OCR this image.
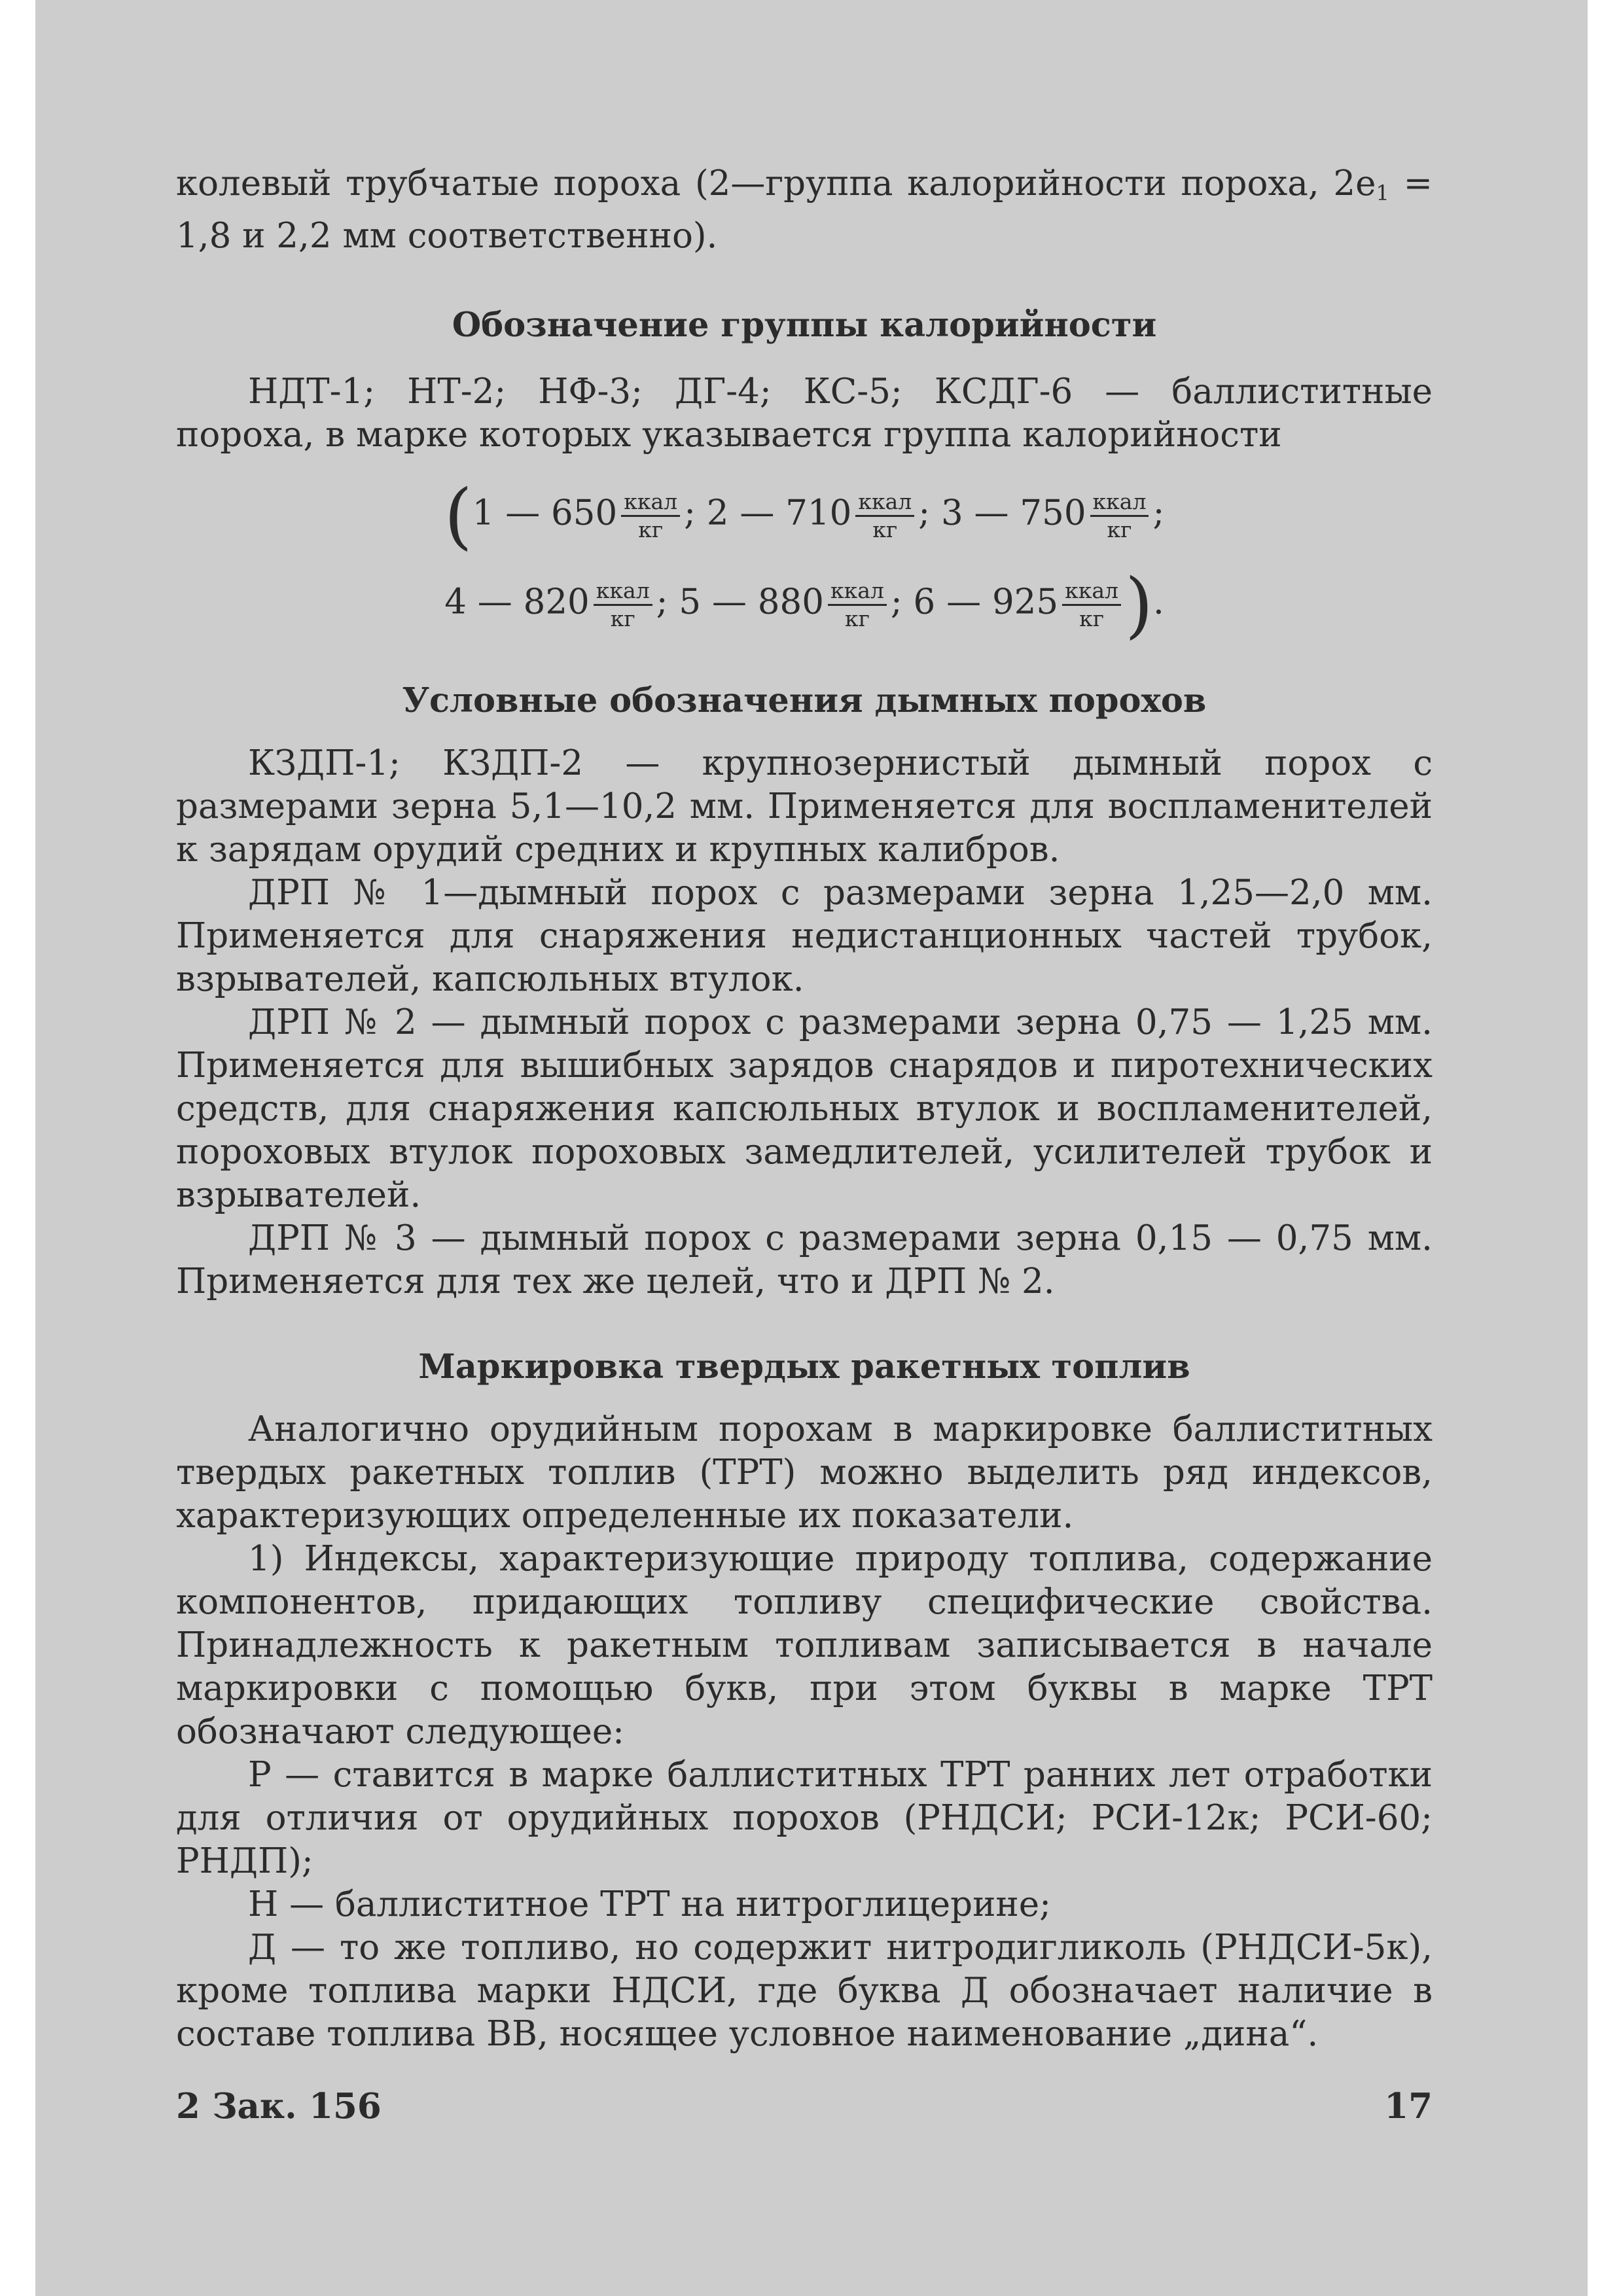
колевый трубчатые пороха (2—группа калорийности пороха, $2e_1 = 1,8$ и 2,2 мм соответственно).

Обозначение группы калорийности

НДТ-1; НТ-2; НФ-3; ДГ-4; КС-5; КСДГ-6 — баллиститные пороха, в марке которых указывается группа калорийности

(1 — $650 \frac{\text{ккал}}{кг}$ ; 2 — $710 \frac{\text{ккал}}{кг}$ ; 3 — $750 \frac{\text{ккал}}{кг}$ ;
4 — $820 \frac{\text{ккал}}{кг}$ ; 5 — $880 \frac{\text{ккал}}{кг}$ ; 6 — $925 \frac{\text{ккал}}{кг}$ ).
Условные обозначения дымных порохов

КЗДП-1; КЗДП-2 — крупнозернистый дымный порох с размерами зерна 5,1—10,2 мм. Применяется для воспламенителей к зарядам орудий средних и крупных калибров.

ДРП № 1—дымный порох с размерами зерна 1,25—2,0 мм. Применяется для снаряжения недистанционных частей трубок, взрывателей, капсюльных втулок.

ДРП № 2 — дымный порох с размерами зерна 0,75 — 1,25 мм. Применяется для вышибных зарядов снарядов и пиротехнических средств, для снаряжения капсюльных втулок и воспламенителей, пороховых втулок пороховых замедлителей, усилителей трубок и взрывателей.

ДРП № 3 — дымный порох с размерами зерна 0,15 — 0,75 мм. Применяется для тех же целей, что и ДРП № 2.

Маркировка твердых ракетных топлив

Аналогично орудийным порохам в маркировке баллиститных твердых ракетных топлив (ТРТ) можно выделить ряд индексов, характеризующих определенные их показатели.

1) Индексы, характеризующие природу топлива, содержание компонентов, придающих топливу специфические свойства. Принадлежность к ракетным топливам записывается в начале маркировки с помощью букв, при этом буквы в марке ТРТ обозначают следующее:

Р — ставится в марке баллиститных ТРТ ранних лет отработки для отличия от орудийных порохов (РНДСИ; РСИ-12к; РСИ-60; РНДП);

Н — баллиститное ТРТ на нитроглицерине;

Д — то же топливо, но содержит нитродигликоль (РНДСИ-5к), кроме топлива марки НДСИ, где буква Д обозначает наличие в составе топлива ВВ, носящее условное наименование „дина“.

2 Зак. 156	17
